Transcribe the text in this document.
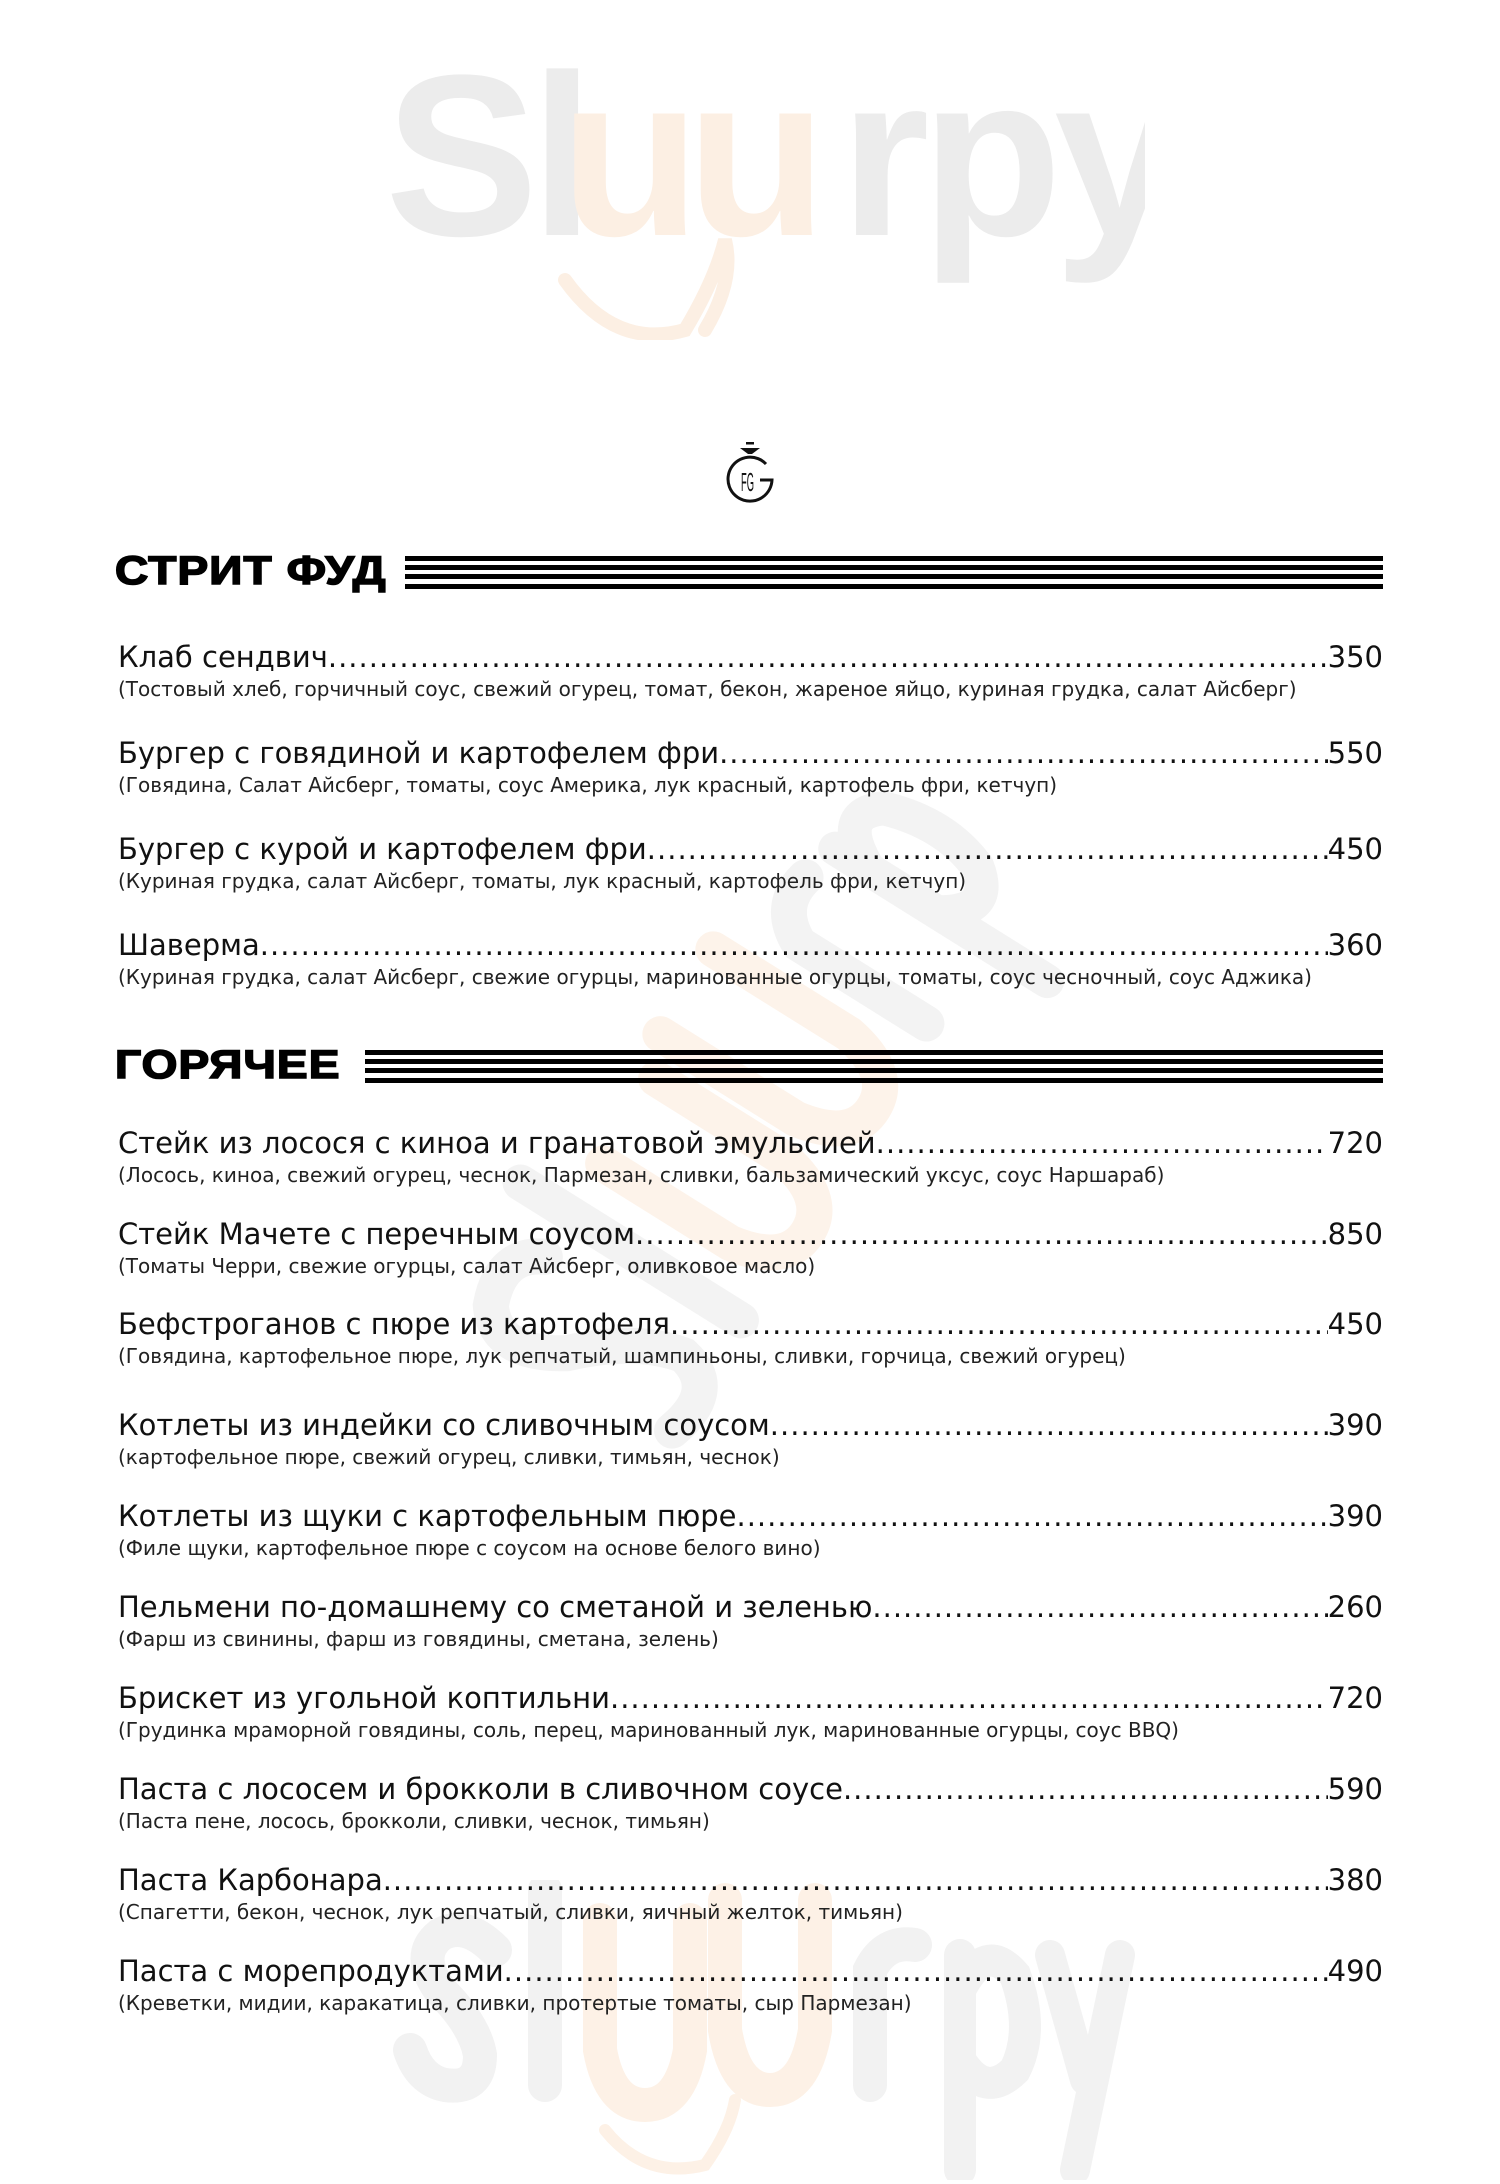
Sl
uu rpy
FG
СТРИТ ФУД
Клаб сендвич .....	350
(Тостовый хлеб, горчичный соус, свежий огурец, томат, бекон, жареное яйцо, куриная грудка, салат Айсберг)
Бургер с говядиной и картофелем фри .....	550
(Говядина, Салат Айсберг, томаты, соус Америка, лук красный, картофель фри, кетчуп)
Бургер с курой и картофелем фри .....	450
(Куриная грудка, салат Айсберг, томаты, лук красный, картофель фри, кетчуп)
Шаверма .....	360
(Куриная грудка, салат Айсберг, свежие огурцы, маринованные огурцы, томаты, соус чесночный, соус Аджика)
ГОРЯЧЕЕ
Стейк из лосося с киноа и гранатовой эмульсией .....	720
(Лосось, киноа, свежий огурец, чеснок, Пармезан, сливки, бальзамический уксус, соус Наршараб)
Стейк Мачете с перечным соусом .....	850
(Томаты Черри, свежие огурцы, салат Айсберг, оливковое масло)
Бефстроганов с пюре из картофеля .....	450
(Говядина, картофельное пюре, лук репчатый, шампиньоны, сливки, горчица, свежий огурец)
Котлеты из индейки со сливочным соусом .....	390
(картофельное пюре, свежий огурец, сливки, тимьян, чеснок)
Котлеты из щуки с картофельным пюре .....	390
(Филе щуки, картофельное пюре с соусом на основе белого вино)
Пельмени по-домашнему со сметаной и зеленью .....	260
(Фарш из свинины, фарш из говядины, сметана, зелень)
Брискет из угольной коптильни .....	720
(Грудинка мраморной говядины, соль, перец, маринованный лук, маринованные огурцы, соус BBQ)
Паста с лососем и брокколи в сливочном соусе .....	590
(Паста пене, лосось, брокколи, сливки, чеснок, тимьян)
Паста Карбонара .....	380
(Спагетти, бекон, чеснок, лук репчатый, сливки, яичный желток, тимьян)
Паста с морепродуктами .....	490
(Креветки, мидии, каракатица, сливки, протертые томаты, сыр Пармезан)
